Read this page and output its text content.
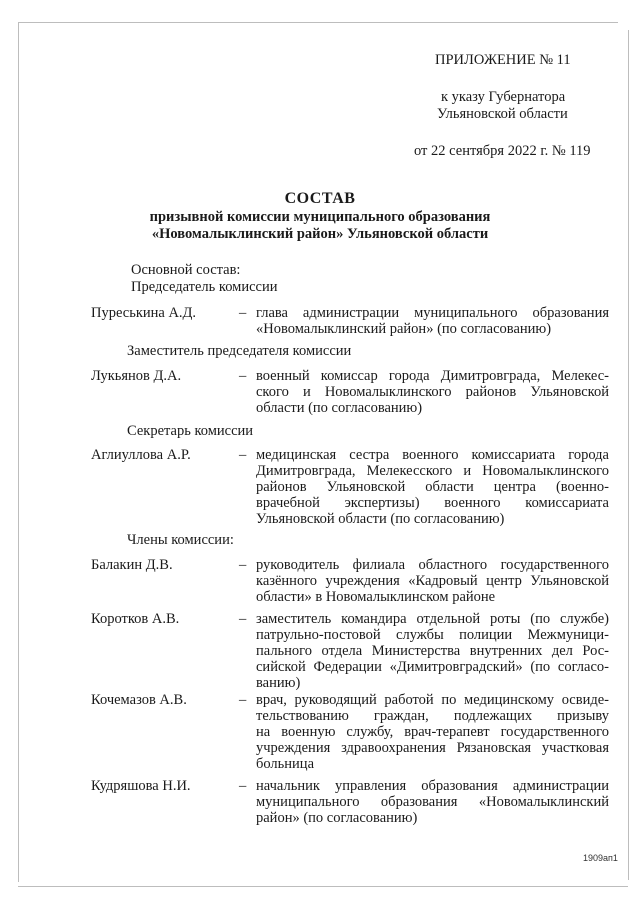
ПРИЛОЖЕНИЕ № 11
к указу Губернатора
Ульяновской области
от 22 сентября 2022 г. № 119
СОСТАВ
призывной комиссии муниципального образования
«Новомалыклинский район» Ульяновской области
Основной состав:
Председатель комиссии
Пуреськина А.Д.	– глава администрации муниципального образования
«Новомалыклинский район» (по согласованию)
Заместитель председателя комиссии
Лукьянов Д.А.	– военный комиссар города Димитровграда, Мелекес-
ского и Новомалыклинского районов Ульяновской
области (по согласованию)
Секретарь комиссии
Аглиуллова А.Р.	– медицинская сестра военного комиссариата города
Димитровграда, Мелекесского и Новомалыклинского
районов Ульяновской области центра (военно-
врачебной экспертизы) военного комиссариата
Ульяновской области (по согласованию)
Члены комиссии:
Балакин Д.В.	– руководитель филиала областного государственного
казённого учреждения «Кадровый центр Ульяновской
области» в Новомалыклинском районе
Коротков А.В.	– заместитель командира отдельной роты (по службе)
патрульно-постовой службы полиции Межмуници-
пального отдела Министерства внутренних дел Рос-
сийской Федерации «Димитровградский» (по согласо-
ванию)
Кочемазов А.В.	– врач, руководящий работой по медицинскому освиде-
тельствованию граждан, подлежащих призыву
на военную службу, врач-терапевт государственного
учреждения здравоохранения Рязановская участковая
больница
Кудряшова Н.И.	– начальник управления образования администрации
муниципального образования «Новомалыклинский
район» (по согласованию)
1909ап1
